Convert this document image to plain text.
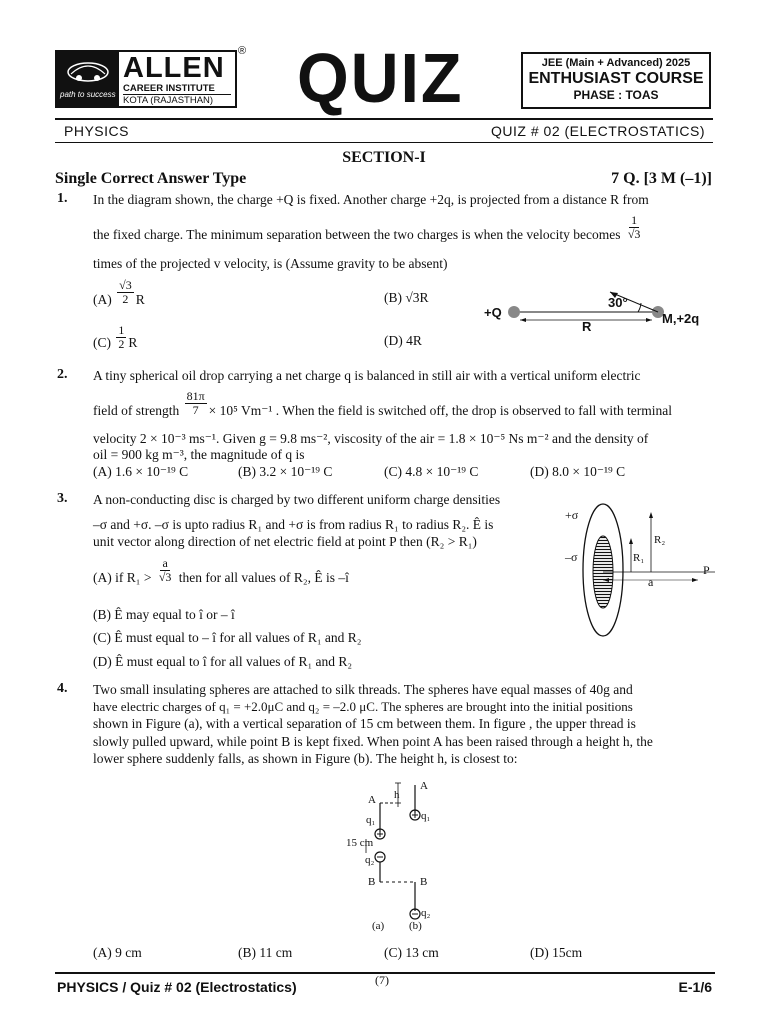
path to success
ALLEN
CAREER INSTITUTE
KOTA (RAJASTHAN)
® QUIZ	JEE (Main + Advanced) 2025
ENTHUSIAST COURSE
PHASE : TOAS
PHYSICS	QUIZ # 02 (ELECTROSTATICS)
SECTION-I
Single Correct Answer Type	7 Q. [3 M (–1)]
1. In the diagram shown, the charge +Q is fixed. Another charge +2q, is projected from a distance R from
the fixed charge. The minimum separation between the two charges is when the velocity becomes $\frac{1}{√3}$
times of the projected v velocity, is (Assume gravity to be absent)
$(A) \frac{√3}{2}$ R	(B) √3R
$(C) \frac{1}{2}$ R	(D) 4R
+Q
30°
M,+2q
R
2. A tiny spherical oil drop carrying a net charge q is balanced in still air with a vertical uniform electric
field of strength $\frac{81\pi}{7} \times 10^5$ Vm⁻¹ . When the field is switched off, the drop is observed to fall with terminal
velocity 2 × 10⁻³ ms⁻¹. Given g = 9.8 ms⁻², viscosity of the air = 1.8 × 10⁻⁵ Ns m⁻² and the density of
oil = 900 kg m⁻³, the magnitude of q is
(A) 1.6 × 10⁻¹⁹ C	(B) 3.2 × 10⁻¹⁹ C	(C) 4.8 × 10⁻¹⁹ C	(D) 8.0 × 10⁻¹⁹ C
3. A non-conducting disc is charged by two different uniform charge densities
–σ and +σ. –σ is upto radius R₁ and +σ is from radius R₁ to radius R₂. Ê is
unit vector along direction of net electric field at point P then (R₂ > R₁)
(A) if $R_1 > \frac{a}{√3}$ then for all values of R₂, Ê is –î
(B) Ê may equal to î or – î
(C) Ê must equal to – î for all values of R₁ and R₂
(D) Ê must equal to î for all values of R₁ and R₂
+σ
–σ
R₂
R₁
P
a
4. Two small insulating spheres are attached to silk threads. The spheres have equal masses of 40g and
have electric charges of q₁ = +2.0μC and q₂ = –2.0 μC. The spheres are brought into the initial positions
shown in Figure (a), with a vertical separation of 15 cm between them. In figure , the upper thread is
slowly pulled upward, while point B is kept fixed. When point A has been raised through a height h, the
lower sphere suddenly falls, as shown in Figure (b). The height h, is closest to:
A
A
h
q₁	q₁
15 cm
q₂
B	B
q₂
(a) (b)
(A) 9 cm	(B) 11 cm	(C) 13 cm	(D) 15cm
PHYSICS / Quiz # 02 (Electrostatics)	(7)	E-1/6
